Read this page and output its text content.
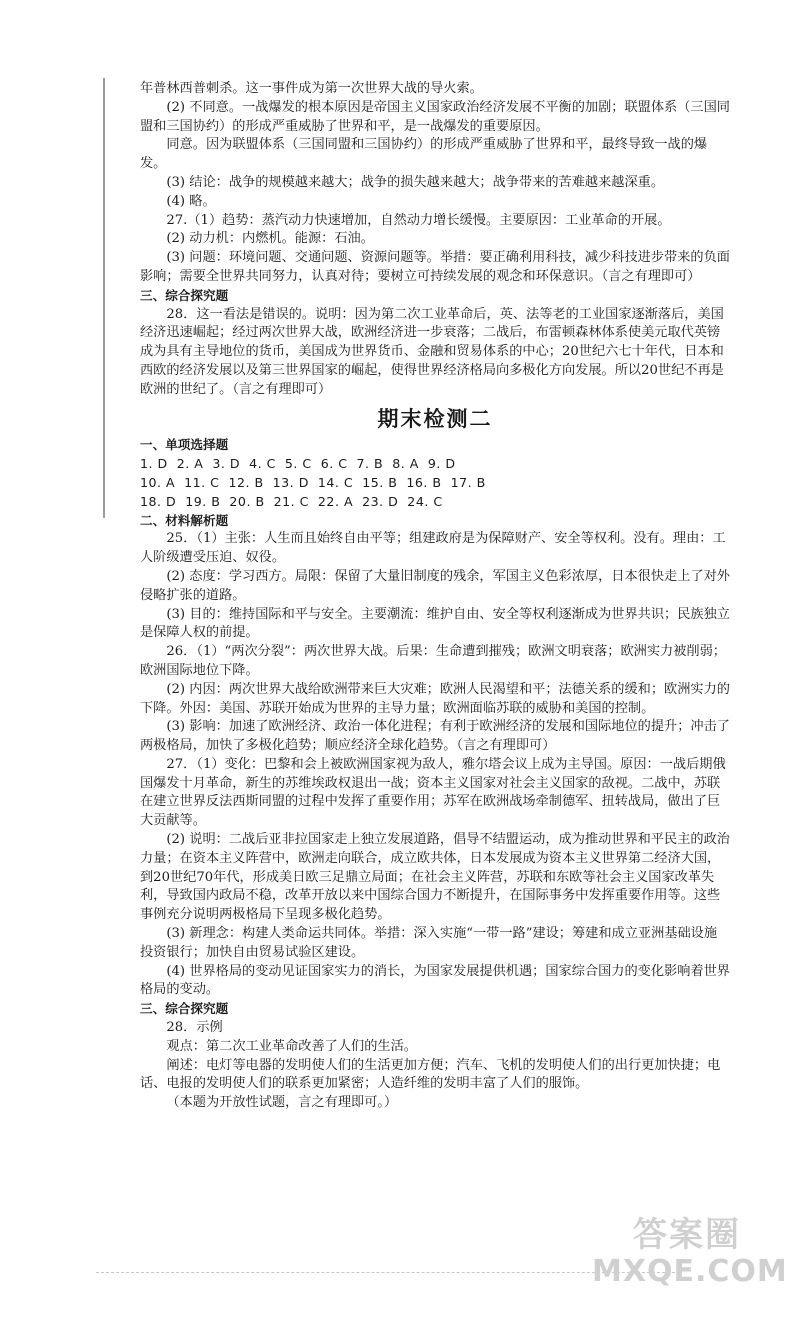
年普林西普刺杀。这一事件成为第一次世界大战的导火索。

(2) 不同意。一战爆发的根本原因是帝国主义国家政治经济发展不平衡的加剧；联盟体系（三国同盟和三国协约）的形成严重威胁了世界和平，是一战爆发的重要原因。

同意。因为联盟体系（三国同盟和三国协约）的形成严重威胁了世界和平，最终导致一战的爆发。

(3) 结论：战争的规模越来越大；战争的损失越来越大；战争带来的苦难越来越深重。

(4) 略。

27.（1）趋势：蒸汽动力快速增加，自然动力增长缓慢。主要原因：工业革命的开展。

(2) 动力机：内燃机。能源：石油。

(3) 问题：环境问题、交通问题、资源问题等。举措：要正确利用科技，减少科技进步带来的负面影响；需要全世界共同努力，认真对待；要树立可持续发展的观念和环保意识。（言之有理即可）

三、综合探究题

28．这一看法是错误的。说明：因为第二次工业革命后，英、法等老的工业国家逐渐落后，美国经济迅速崛起；经过两次世界大战，欧洲经济进一步衰落；二战后，布雷顿森林体系使美元取代英镑成为具有主导地位的货币，美国成为世界货币、金融和贸易体系的中心；20世纪六七十年代，日本和西欧的经济发展以及第三世界国家的崛起，使得世界经济格局向多极化方向发展。所以20世纪不再是欧洲的世纪了。（言之有理即可）

期末检测二

一、单项选择题

1. D  2. A  3. D  4. C  5. C  6. C  7. B  8. A  9. D

10. A  11. C  12. B  13. D  14. C  15. B  16. B  17. B

18. D  19. B  20. B  21. C  22. A  23. D  24. C

二、材料解析题

25．（1）主张：人生而且始终自由平等；组建政府是为保障财产、安全等权利。没有。理由：工人阶级遭受压迫、奴役。

(2) 态度：学习西方。局限：保留了大量旧制度的残余，军国主义色彩浓厚，日本很快走上了对外侵略扩张的道路。

(3) 目的：维持国际和平与安全。主要潮流：维护自由、安全等权利逐渐成为世界共识；民族独立是保障人权的前提。

26．（1）“两次分裂”：两次世界大战。后果：生命遭到摧残；欧洲文明衰落；欧洲实力被削弱；欧洲国际地位下降。

(2) 内因：两次世界大战给欧洲带来巨大灾难；欧洲人民渴望和平；法德关系的缓和；欧洲实力的下降。外因：美国、苏联开始成为世界的主导力量；欧洲面临苏联的威胁和美国的控制。

(3) 影响：加速了欧洲经济、政治一体化进程；有利于欧洲经济的发展和国际地位的提升；冲击了两极格局，加快了多极化趋势；顺应经济全球化趋势。（言之有理即可）

27．（1）变化：巴黎和会上被欧洲国家视为敌人，雅尔塔会议上成为主导国。原因：一战后期俄国爆发十月革命，新生的苏维埃政权退出一战；资本主义国家对社会主义国家的敌视。二战中，苏联在建立世界反法西斯同盟的过程中发挥了重要作用；苏军在欧洲战场牵制德军、扭转战局，做出了巨大贡献等。

(2) 说明：二战后亚非拉国家走上独立发展道路，倡导不结盟运动，成为推动世界和平民主的政治力量；在资本主义阵营中，欧洲走向联合，成立欧共体，日本发展成为资本主义世界第二经济大国，到20世纪70年代，形成美日欧三足鼎立局面；在社会主义阵营，苏联和东欧等社会主义国家改革失利，导致国内政局不稳，改革开放以来中国综合国力不断提升，在国际事务中发挥重要作用等。这些事例充分说明两极格局下呈现多极化趋势。

(3) 新理念：构建人类命运共同体。举措：深入实施“一带一路”建设；筹建和成立亚洲基础设施投资银行；加快自由贸易试验区建设。

(4) 世界格局的变动见证国家实力的消长，为国家发展提供机遇；国家综合国力的变化影响着世界格局的变动。

三、综合探究题

28．示例

观点：第二次工业革命改善了人们的生活。

阐述：电灯等电器的发明使人们的生活更加方便；汽车、飞机的发明使人们的出行更加快捷；电话、电报的发明使人们的联系更加紧密；人造纤维的发明丰富了人们的服饰。

（本题为开放性试题，言之有理即可。）

答案圈
MXQE.COM
